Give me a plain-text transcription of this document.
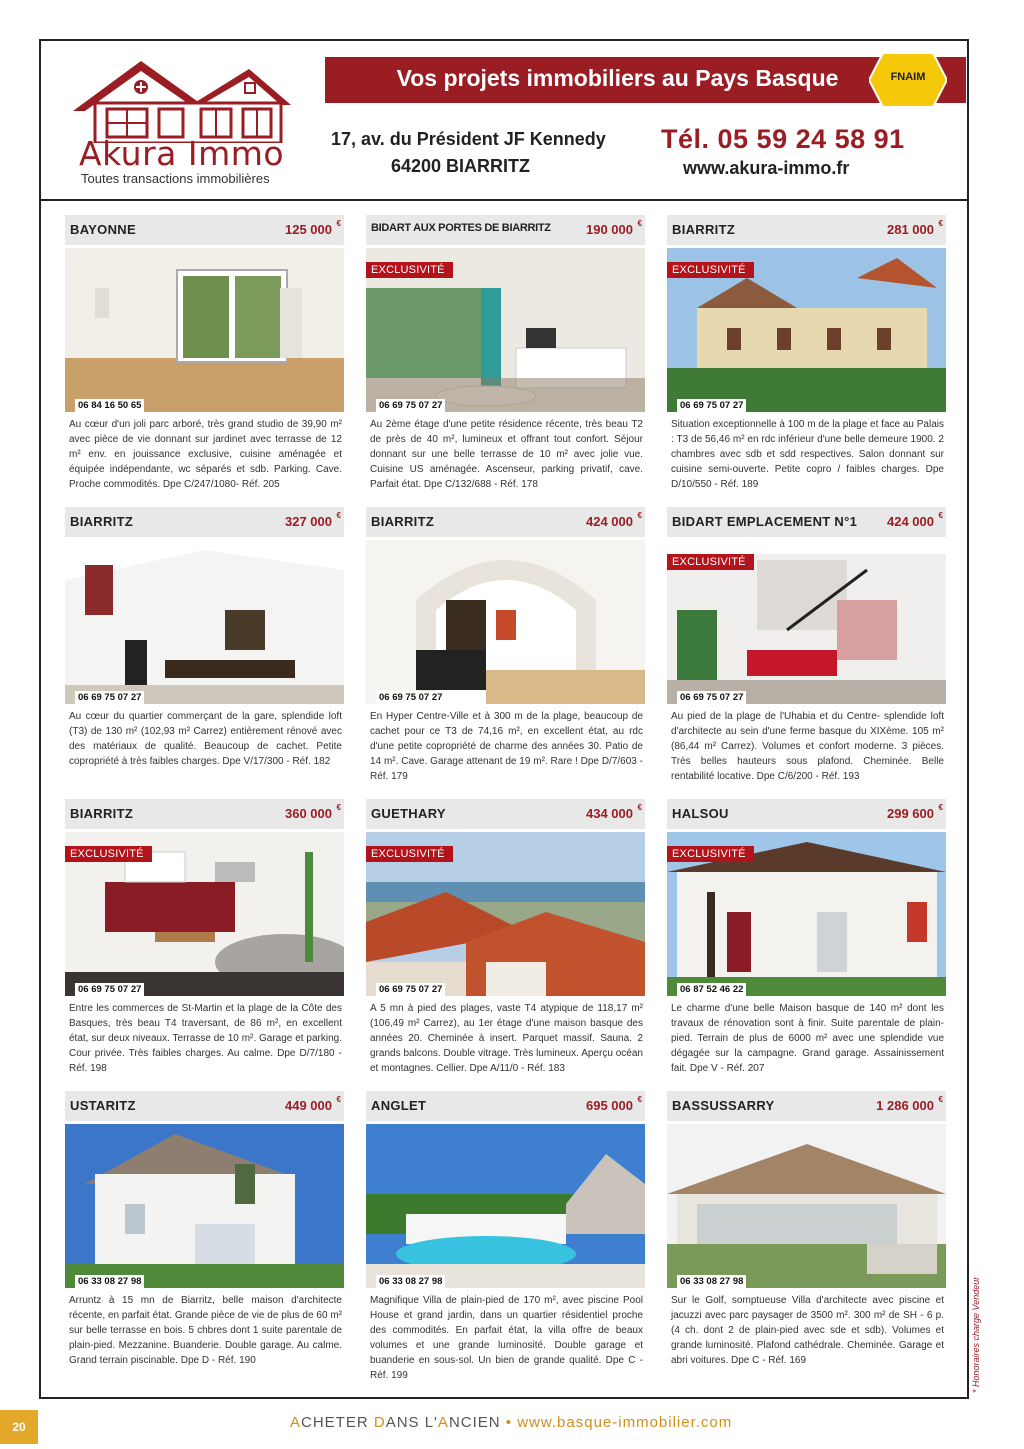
Akura Immo
Toutes transactions immobilières
Vos projets immobiliers au Pays Basque	FNAIM
17, av. du Président JF Kennedy
64200 BIARRITZ
Tél. 05 59 24 58 91
www.akura-immo.fr
BAYONNE	125 000 €
06 84 16 50 65
Au cœur d'un joli parc arboré, très grand studio de 39,90 m² avec pièce de vie donnant sur jardinet avec terrasse de 12 m² env. en jouissance exclusive, cuisine aménagée et équipée indépendante, wc séparés et sdb. Parking. Cave. Proche commodités. Dpe C/247/1080- Réf. 205
BIDART AUX PORTES DE BIARRITZ	190 000 €
EXCLUSIVITÉ
06 69 75 07 27
Au 2ème étage d'une petite résidence récente, très beau T2 de près de 40 m², lumineux et offrant tout confort. Séjour donnant sur une belle terrasse de 10 m² avec jolie vue. Cuisine US aménagée. Ascenseur, parking privatif, cave. Parfait état. Dpe C/132/688 - Réf. 178
BIARRITZ	281 000 €
EXCLUSIVITÉ
06 69 75 07 27
Situation exceptionnelle à 100 m de la plage et face au Palais : T3 de 56,46 m² en rdc inférieur d'une belle demeure 1900. 2 chambres avec sdb et sdd respectives. Salon donnant sur cuisine semi-ouverte. Petite copro / faibles charges. Dpe D/10/550 - Réf. 189
BIARRITZ	327 000 €
06 69 75 07 27
Au cœur du quartier commerçant de la gare, splendide loft (T3) de 130 m² (102,93 m² Carrez) entièrement rénové avec des matériaux de qualité. Beaucoup de cachet. Petite copropriété à très faibles charges. Dpe V/17/300 - Réf. 182
BIARRITZ	424 000 €
06 69 75 07 27
En Hyper Centre-Ville et à 300 m de la plage, beaucoup de cachet pour ce T3 de 74,16 m², en excellent état, au rdc d'une petite copropriété de charme des années 30. Patio de 14 m². Cave. Garage attenant de 19 m². Rare ! Dpe D/7/603 - Réf. 179
BIDART EMPLACEMENT N°1 424 000 €
EXCLUSIVITÉ
06 69 75 07 27
Au pied de la plage de l'Uhabia et du Centre- splendide loft d'architecte au sein d'une ferme basque du XIXème. 105 m² (86,44 m² Carrez). Volumes et confort moderne. 3 pièces. Très belles hauteurs sous plafond. Cheminée. Belle rentabilité locative. Dpe C/6/200 - Réf. 193
BIARRITZ	360 000 €
EXCLUSIVITÉ
06 69 75 07 27
Entre les commerces de St-Martin et la plage de la Côte des Basques, très beau T4 traversant, de 86 m², en excellent état, sur deux niveaux. Terrasse de 10 m². Garage et parking. Cour privée. Très faibles charges. Au calme. Dpe D/7/180 - Réf. 198
GUETHARY	434 000 €
EXCLUSIVITÉ
06 69 75 07 27
A 5 mn à pied des plages, vaste T4 atypique de 118,17 m² (106,49 m² Carrez), au 1er étage d'une maison basque des années 20. Cheminée à insert. Parquet massif. Sauna. 2 grands balcons. Double vitrage. Très lumineux. Aperçu océan et montagnes. Cellier. Dpe A/11/0 - Réf. 183
HALSOU	299 600 €
EXCLUSIVITÉ
06 87 52 46 22
Le charme d'une belle Maison basque de 140 m² dont les travaux de rénovation sont à finir. Suite parentale de plain-pied. Terrain de plus de 6000 m² avec une splendide vue dégagée sur la campagne. Grand garage. Assainissement fait. Dpe V - Réf. 207
USTARITZ	449 000 €
06 33 08 27 98
Arruntz à 15 mn de Biarritz, belle maison d'architecte récente, en parfait état. Grande pièce de vie de plus de 60 m² sur belle terrasse en bois. 5 chbres dont 1 suite parentale de plain-pied. Mezzanine. Buanderie. Double garage. Au calme. Grand terrain piscinable. Dpe D - Réf. 190
ANGLET	695 000 €
06 33 08 27 98
Magnifique Villa de plain-pied de 170 m², avec piscine Pool House et grand jardin, dans un quartier résidentiel proche des commodités. En parfait état, la villa offre de beaux volumes et une grande luminosité. Double garage et buanderie en sous-sol. Un bien de grande qualité. Dpe C - Réf. 199
BASSUSSARRY	1 286 000 €
06 33 08 27 98
Sur le Golf, somptueuse Villa d'architecte avec piscine et jacuzzi avec parc paysager de 3500 m². 300 m² de SH - 6 p. (4 ch. dont 2 de plain-pied avec sde et sdb). Volumes et grande luminosité. Plafond cathédrale. Cheminée. Garage et abri voitures. Dpe C - Réf. 169	* Honoraires charge Vendeur
20	ACHETER DANS L'ANCIEN • www.basque-immobilier.com
